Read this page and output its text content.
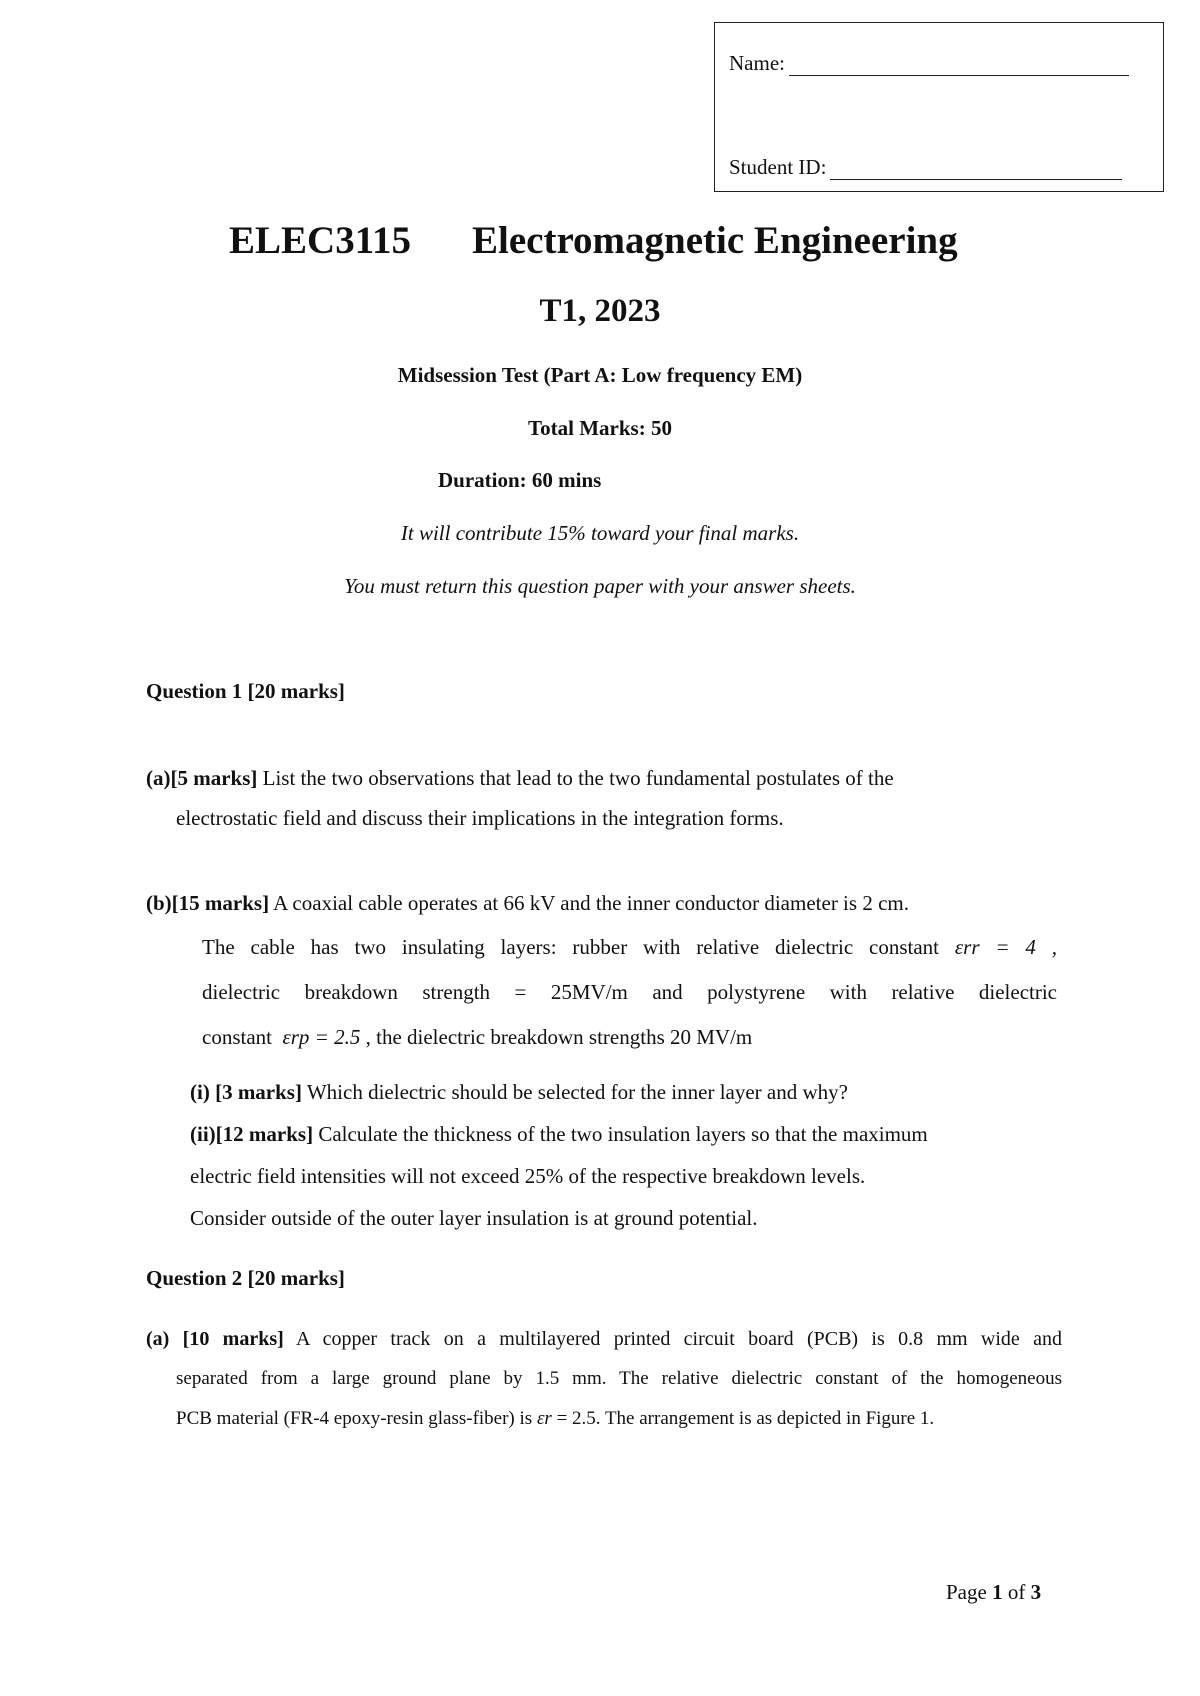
Name:
Student ID:
ELEC3115 Electromagnetic Engineering
T1, 2023
Midsession Test (Part A: Low frequency EM)
Total Marks: 50
Duration: 60 mins
It will contribute 15% toward your final marks.
You must return this question paper with your answer sheets.
Question 1 [20 marks]
(a)[5 marks] List the two observations that lead to the two fundamental postulates of the
electrostatic field and discuss their implications in the integration forms.
(b)[15 marks] A coaxial cable operates at 66 kV and the inner conductor diameter is 2 cm.
The cable has two insulating layers: rubber with relative dielectric constant εrr = 4 ,
dielectric breakdown strength = 25MV/m and polystyrene with relative dielectric
constant εrp = 2.5 , the dielectric breakdown strengths 20 MV/m
(i) [3 marks] Which dielectric should be selected for the inner layer and why?
(ii)[12 marks] Calculate the thickness of the two insulation layers so that the maximum
electric field intensities will not exceed 25% of the respective breakdown levels.
Consider outside of the outer layer insulation is at ground potential.
Question 2 [20 marks]
(a) [10 marks] A copper track on a multilayered printed circuit board (PCB) is 0.8 mm wide and
separated from a large ground plane by 1.5 mm. The relative dielectric constant of the homogeneous
PCB material (FR-4 epoxy-resin glass-fiber) is εr = 2.5. The arrangement is as depicted in Figure 1.
Page 1 of 3
